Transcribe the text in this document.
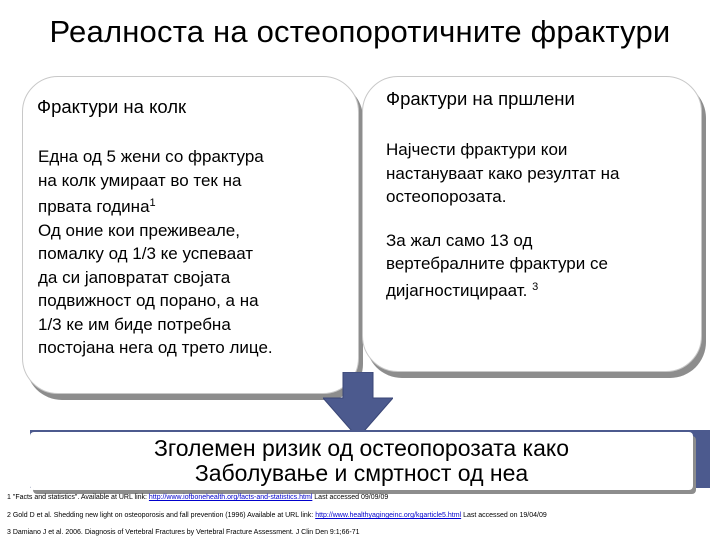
Реалноста на остеопоротичните фрактури
Фрактури на колк

Една од 5 жени со фрактура

на колк умираат во тек на

првата година$^1$

Од оние кои преживеале,

помалку од 1/3 ке успеваат

да си јаповратат својата

подвижност од порано, а на

1/3 ке им биде потребна

постојана нега од трето лице.

Фрактури на пршлени

Најчести фрактури кои

настануваат како резултат на

остеопорозата.

За жал само 13 од

вертебралните фрактури се

дијагностицираат. $^3$

Зголемен ризик од остеопорозата како
Заболување и смртност од неа
1 "Facts and statistics". Available at URL link: http://www.iofbonehealth.org/facts-and-statistics.html Last accessed 09/09/09
2 Gold D et al. Shedding new light on osteoporosis and fall prevention (1996) Available at URL link: http://www.healthyagingeinc.org/kgarticle5.html Last accessed on 19/04/09
3 Damiano J et al. 2006. Diagnosis of Vertebral Fractures by Vertebral Fracture Assessment. J Clin Den 9:1;66-71
